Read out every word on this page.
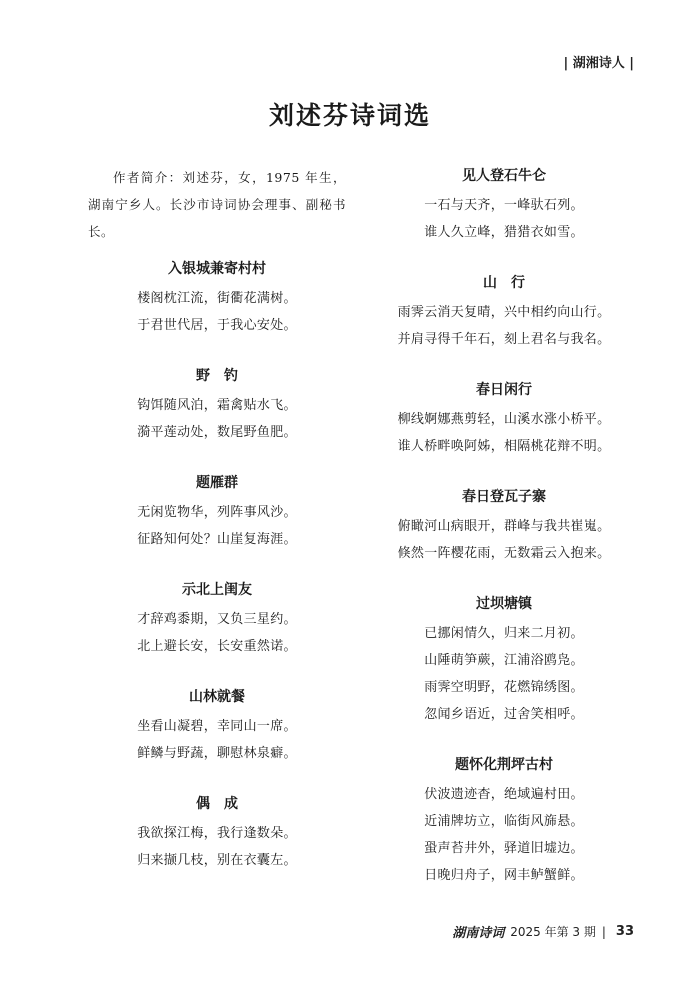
| 湖湘诗人 |
刘述芬诗词选

作者简介：刘述芬，女，1975 年生，湖南宁乡人。长沙市诗词协会理事、副秘书长。

入银城兼寄村村

楼阁枕江流，街衢花满树。

于君世代居，于我心安处。

野　钓

钩饵随风泊，霜禽贴水飞。

漪平莲动处，数尾野鱼肥。

题雁群

无闲览物华，列阵事风沙。

征路知何处？山崖复海涯。

示北上闺友

才辞鸡黍期，又负三星约。

北上避长安，长安重然诺。

山林就餐

坐看山凝碧，幸同山一席。

鲜鳞与野蔬，聊慰林泉癖。

偶　成

我欲探江梅，我行逢数朵。

归来撷几枝，别在衣囊左。

见人登石牛仑

一石与天齐，一峰驮石列。

谁人久立峰，猎猎衣如雪。

山　行

雨霁云消天复晴，兴中相约向山行。

并肩寻得千年石，刻上君名与我名。

春日闲行

柳线婀娜燕剪轻，山溪水涨小桥平。

谁人桥畔唤阿姊，相隔桃花辩不明。

春日登瓦子寨

俯瞰河山病眼开，群峰与我共崔嵬。

倏然一阵樱花雨，无数霜云入抱来。

过坝塘镇

已挪闲情久，归来二月初。

山陲萌笋蕨，江浦浴鸥凫。

雨霁空明野，花燃锦绣图。

忽闻乡语近，过舍笑相呼。

题怀化荆坪古村

伏波遗迹杳，绝域遍村田。

近浦牌坊立，临街风旆悬。

蛩声苔井外，驿道旧墟边。

日晚归舟子，网丰鲈蟹鲜。

湖南诗词 2025 年第 3 期 | 33
